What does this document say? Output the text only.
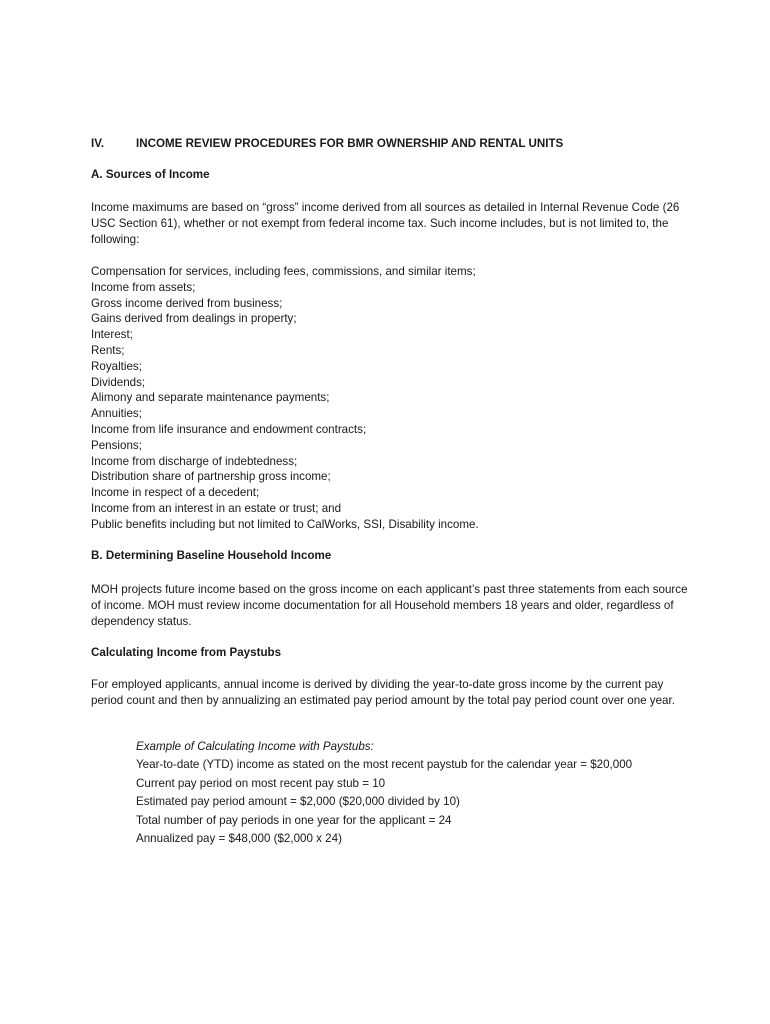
IV.	INCOME REVIEW PROCEDURES FOR BMR OWNERSHIP AND RENTAL UNITS
A. Sources of Income
Income maximums are based on “gross” income derived from all sources as detailed in Internal Revenue Code (26 USC Section 61), whether or not exempt from federal income tax. Such income includes, but is not limited to, the following:
Compensation for services, including fees, commissions, and similar items;
Income from assets;
Gross income derived from business;
Gains derived from dealings in property;
Interest;
Rents;
Royalties;
Dividends;
Alimony and separate maintenance payments;
Annuities;
Income from life insurance and endowment contracts;
Pensions;
Income from discharge of indebtedness;
Distribution share of partnership gross income;
Income in respect of a decedent;
Income from an interest in an estate or trust; and
Public benefits including but not limited to CalWorks, SSI, Disability income.
B. Determining Baseline Household Income
MOH projects future income based on the gross income on each applicant’s past three statements from each source of income. MOH must review income documentation for all Household members 18 years and older, regardless of dependency status.
Calculating Income from Paystubs
For employed applicants, annual income is derived by dividing the year-to-date gross income by the current pay period count and then by annualizing an estimated pay period amount by the total pay period count over one year.
Example of Calculating Income with Paystubs:
Year-to-date (YTD) income as stated on the most recent paystub for the calendar year = $20,000
Current pay period on most recent pay stub = 10
Estimated pay period amount = $2,000 ($20,000 divided by 10)
Total number of pay periods in one year for the applicant = 24
Annualized pay = $48,000 ($2,000 x 24)
